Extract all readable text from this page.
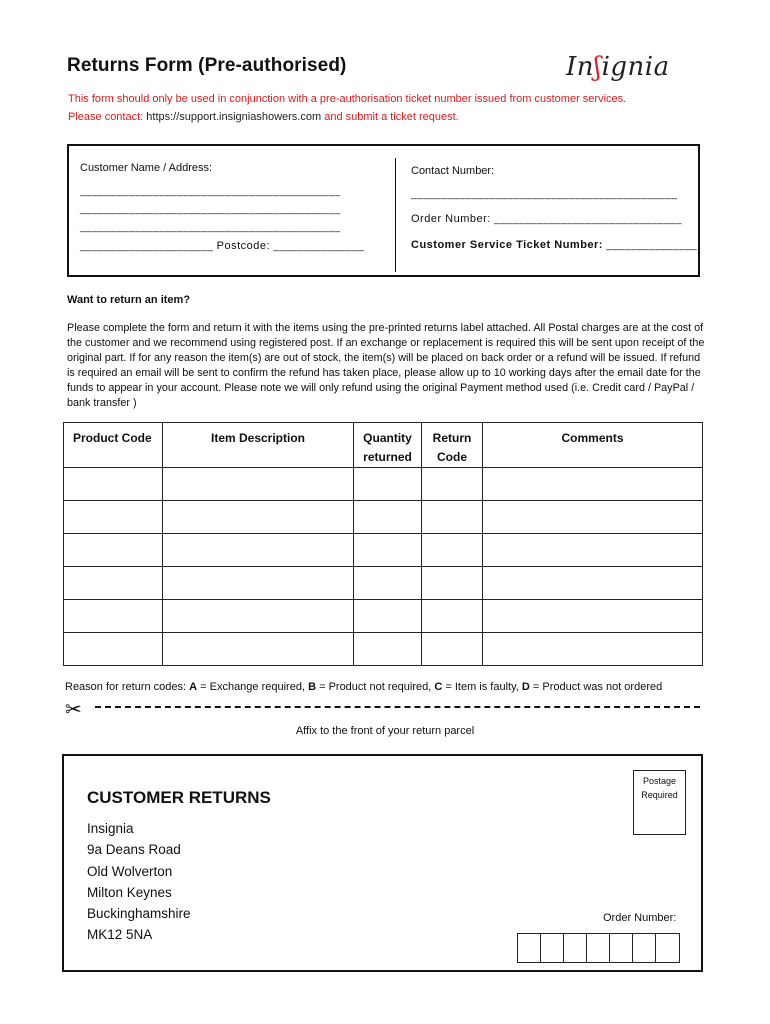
Returns Form (Pre-authorised)	Inʃignia
This form should only be used in conjunction with a pre-authorisation ticket number issued from customer services.
Please contact: https://support.insigniashowers.com and submit a ticket request.
Customer Name / Address:
___________________________________________
___________________________________________
___________________________________________
______________________ Postcode: _______________
Contact Number:
____________________________________________
Order Number: _______________________________
Customer Service Ticket Number: _______________
Want to return an item?
Please complete the form and return it with the items using the pre-printed returns label attached. All Postal charges are at the cost of the customer and we recommend using registered post. If an exchange or replacement is required this will be sent upon receipt of the original part. If for any reason the item(s) are out of stock, the item(s) will be placed on back order or a refund will be issued. If refund is required an email will be sent to confirm the refund has taken place, please allow up to 10 working days after the email date for the funds to appear in your account. Please note we will only refund using the original Payment method used (i.e. Credit card / PayPal / bank transfer )
Product Code	Item Description	Quantity returned	Return Code	Comments

Reason for return codes: A = Exchange required, B = Product not required, C = Item is faulty, D = Product was not ordered
✂
Affix to the front of your return parcel
CUSTOMER RETURNS
Insignia
9a Deans Road
Old Wolverton
Milton Keynes
Buckinghamshire
MK12 5NA
Postage
Required
Order Number:
